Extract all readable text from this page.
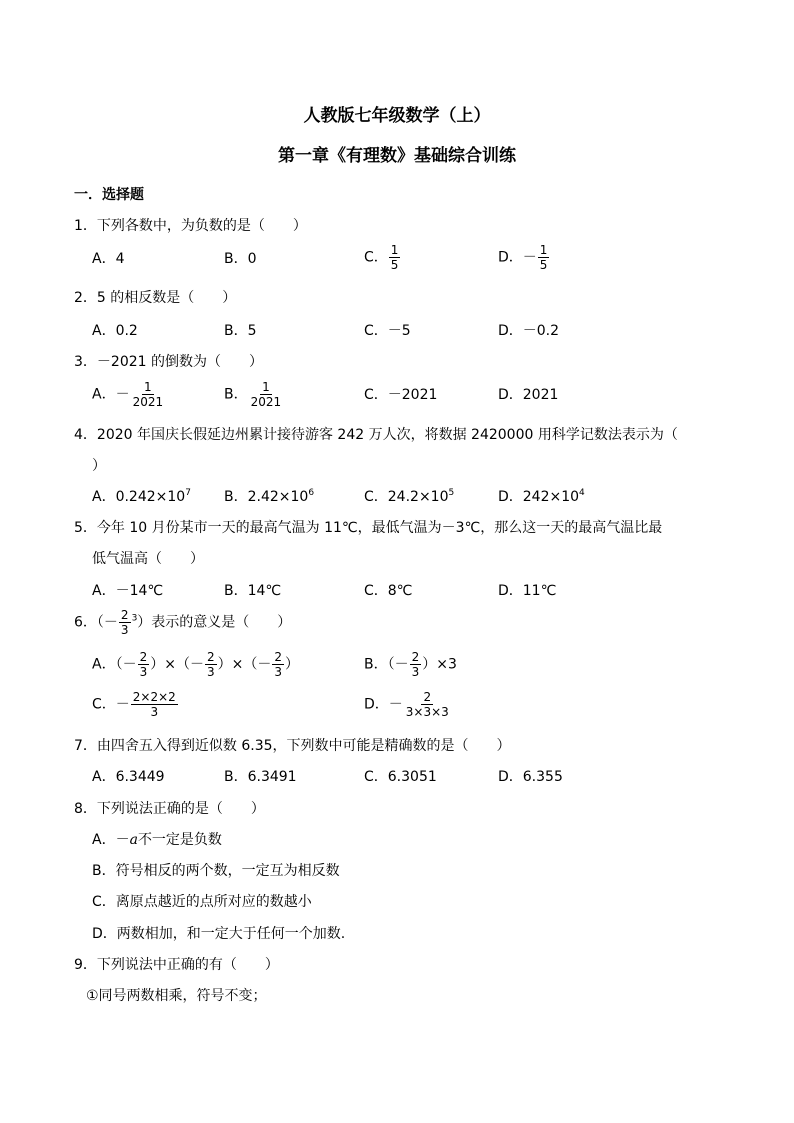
人教版七年级数学（上）
第一章《有理数》基础综合训练
一．选择题
1．下列各数中，为负数的是（　　）
A．4	B．0	C． $\frac{1}{5}$	D．－ $\frac{1}{5}$
2．5 的相反数是（　　）
A．0.2	B．5	C．－5	D．－0.2
3．－2021 的倒数为（　　）
A．－ $\frac{1}{2021}$	B． $\frac{1}{2021}$	C．－2021	D．2021
4．2020 年国庆长假延边州累计接待游客 242 万人次，将数据 2420000 用科学记数法表示为（
）
A．$0.242\times 10^7$ B．$2.42\times 10^6$	C．$24.2\times 10^5$	D．$242\times 10^4$
5．今年 10 月份某市一天的最高气温为 11℃，最低气温为－3℃，那么这一天的最高气温比最
低气温高（　　）
A．－14℃	B．14℃	C．8℃	D．11℃
6．（－ $\frac{2}{3} ^3$）表示的意义是（　　）
A．（－ $\frac{2}{3}$ ）×（－ $\frac{2}{3}$ ）×（－ $\frac{2}{3}$ ）	B．（－ $\frac{2}{3} )\times 3$
C．－ $\frac{2\times 2\times 2}{3}$	D．－ $\frac{2}{3\times 3\times 3}$
7．由四舍五入得到近似数 6.35，下列数中可能是精确数的是（　　）
A．6.3449	B．6.3491	C．6.3051	D．6.355
8．下列说法正确的是（　　）
A．－a不一定是负数
B．符号相反的两个数，一定互为相反数
C．离原点越近的点所对应的数越小
D．两数相加，和一定大于任何一个加数.
9．下列说法中正确的有（　　）
①同号两数相乘，符号不变；
